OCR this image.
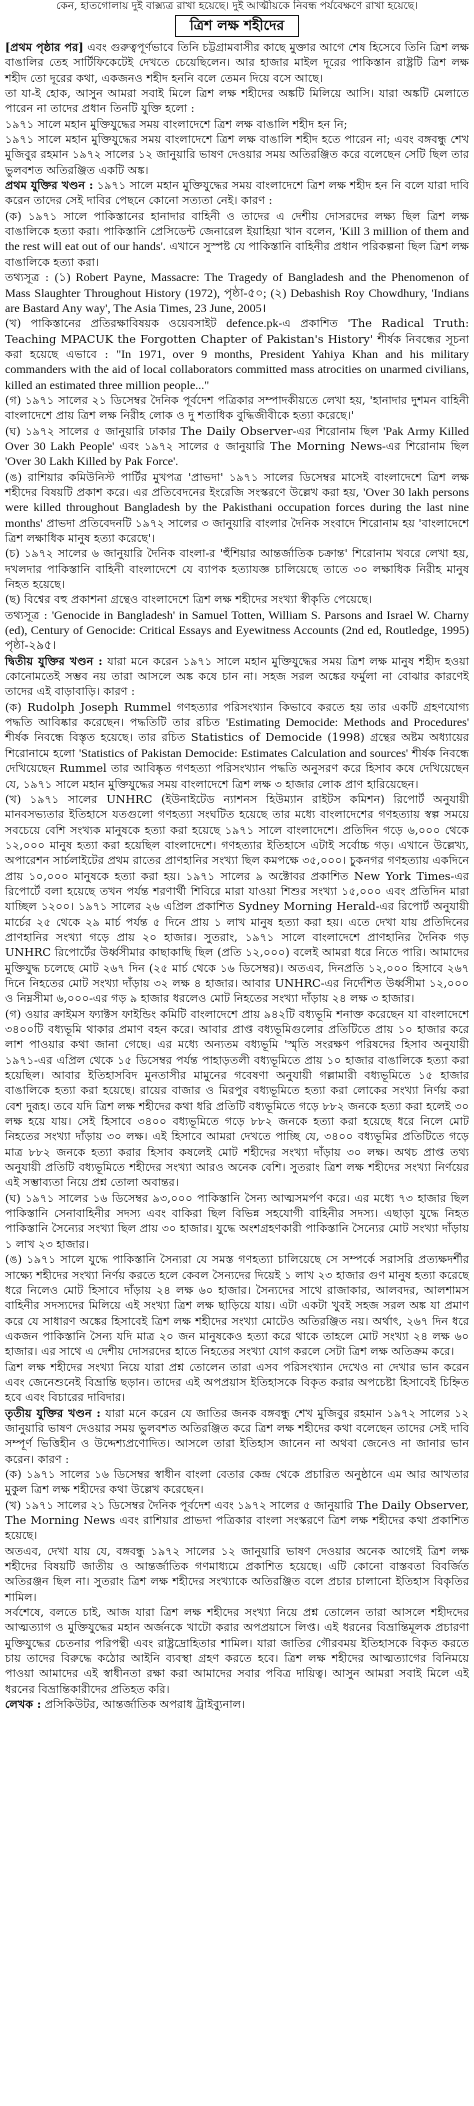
কেন, হাতগোলায় দুই বাক্স্যত্র রাখা হয়েছে। দুই আত্মীয়কে নিবন্ধ পর্যবেক্ষণে রাখা হয়েছে।
ত্রিশ লক্ষ শহীদের

[প্রথম পৃষ্ঠার পর] এবং গুরুত্বপূর্ণভাবে তিনি চট্টগ্রামবাসীর কাছে মুক্তার আগে শেষ হিসেবে তিনি ত্রিশ লক্ষ বাঙালির তেহ সার্টিফিকেটেই দেখতে চেয়েছিলেন। আর হাজার মাইল দূরের পাকিস্তান রাষ্ট্রটি ত্রিশ লক্ষ শহীদ তো দূরের কথা, একজনও শহীদ হননি বলে তেমন দিয়ে বসে আছে।

তা যা-ই হোক, আসুন আমরা সবাই মিলে ত্রিশ লক্ষ শহীদের অঙ্কটি মিলিয়ে আসি। যারা অঙ্কটি মেলাতে পারেন না তাদের প্রধান তিনটি যুক্তি হলো :

১৯৭১ সালে মহান মুক্তিযুদ্ধের সময় বাংলাদেশে ত্রিশ লক্ষ বাঙালি শহীদ হন নি;

১৯৭১ সালে মহান মুক্তিযুদ্ধের সময় বাংলাদেশে ত্রিশ লক্ষ বাঙালি শহীদ হতে পারেন না; এবং বঙ্গবন্ধু শেখ মুজিবুর রহমান ১৯৭২ সালের ১২ জানুয়ারি ভাষণ দেওয়ার সময় অতিরঞ্জিত করে বলেছেন সেটি ছিল তার ভুলবশত অতিরঞ্জিত একটি অঙ্ক।

প্রথম যুক্তির খণ্ডন : ১৯৭১ সালে মহান মুক্তিযুদ্ধের সময় বাংলাদেশে ত্রিশ লক্ষ শহীদ হন নি বলে যারা দাবি করেন তাদের সেই দাবির পেছনে কোনো সত্যতা নেই। কারণ :

(ক) ১৯৭১ সালে পাকিস্তানের হানাদার বাহিনী ও তাদের এ দেশীয় দোসরদের লক্ষ্য ছিল ত্রিশ লক্ষ বাঙালিকে হত্যা করা। পাকিস্তানি প্রেসিডেন্ট জেনারেল ইয়াহিয়া খান বলেন, 'Kill 3 million of them and the rest will eat out of our hands'. এখানে সুস্পষ্ট যে পাকিস্তানি বাহিনীর প্রধান পরিকল্পনা ছিল ত্রিশ লক্ষ বাঙালিকে হত্যা করা।

তথ্যসূত্র : (১) Robert Payne, Massacre: The Tragedy of Bangladesh and the Phenomenon of Mass Slaughter Throughout History (1972), পৃষ্ঠা-৫০; (২) Debashish Roy Chowdhury, 'Indians are Bastard Any way', The Asia Times, 23 June, 2005।

(খ) পাকিস্তানের প্রতিরক্ষাবিষয়ক ওয়েবসাইট defence.pk-এ প্রকাশিত 'The Radical Truth: Teaching MPACUK the Forgotten Chapter of Pakistan's History' শীর্ষক নিবন্ধের সূচনা করা হয়েছে এভাবে : "In 1971, over 9 months, President Yahiya Khan and his military commanders with the aid of local collaborators committed mass atrocities on unarmed civilians, killed an estimated three million people..."

(গ) ১৯৭১ সালের ২১ ডিসেম্বর দৈনিক পূর্বদেশ পত্রিকার সম্পাদকীয়তে লেখা হয়, 'হানাদার দুশমন বাহিনী বাংলাদেশে প্রায় ত্রিশ লক্ষ নিরীহ লোক ও দু শতাধিক বুদ্ধিজীবীকে হত্যা করেছে।'

(ঘ) ১৯৭২ সালের ৫ জানুয়ারি ঢাকার The Daily Observer-এর শিরোনাম ছিল 'Pak Army Killed Over 30 Lakh People' এবং ১৯৭২ সালের ৫ জানুয়ারি The Morning News-এর শিরোনাম ছিল 'Over 30 Lakh Killed by Pak Force'.

(ঙ) রাশিয়ার কমিউনিস্ট পার্টির মুখপত্র 'প্রাভদা' ১৯৭১ সালের ডিসেম্বর মাসেই বাংলাদেশে ত্রিশ লক্ষ শহীদের বিষয়টি প্রকাশ করে। এর প্রতিবেদনের ইংরেজি সংস্করণে উল্লেখ করা হয়, 'Over 30 lakh persons were killed throughout Bangladesh by the Pakisthani occupation forces during the last nine months' প্রাভদা প্রতিবেদনটি ১৯৭২ সালের ৩ জানুয়ারি বাংলার দৈনিক সংবাদে শিরোনাম হয় 'বাংলাদেশে ত্রিশ লক্ষাধিক মানুষ হত্যা করেছে'।

(চ) ১৯৭২ সালের ৬ জানুয়ারি দৈনিক বাংলা-র 'হুঁশিয়ার আন্তর্জাতিক চক্রান্ত' শিরোনাম খবরে লেখা হয়, দখলদার পাকিস্তানি বাহিনী বাংলাদেশে যে ব্যাপক হত্যাযজ্ঞ চালিয়েছে তাতে ৩০ লক্ষাধিক নিরীহ মানুষ নিহত হয়েছে।

(ছ) বিশ্বের বহু প্রকাশনা গ্রন্থেও বাংলাদেশে ত্রিশ লক্ষ শহীদের সংখ্যা স্বীকৃতি পেয়েছে।

তথ্যসূত্র : 'Genocide in Bangladesh' in Samuel Totten, William S. Parsons and Israel W. Charny (ed), Century of Genocide: Critical Essays and Eyewitness Accounts (2nd ed, Routledge, 1995) পৃষ্ঠা-২৯৫।

দ্বিতীয় যুক্তির খণ্ডন : যারা মনে করেন ১৯৭১ সালে মহান মুক্তিযুদ্ধের সময় ত্রিশ লক্ষ মানুষ শহীদ হওয়া কোনোমতেই সম্ভব নয় তারা আসলে অঙ্ক কষে চান না। সহজ সরল অঙ্কের ফর্মুলা না বোঝার কারণেই তাদের এই বাড়াবাড়ি। কারণ :

(ক) Rudolph Joseph Rummel গণহত্যার পরিসংখ্যান কিভাবে করতে হয় তার একটি গ্রহণযোগ্য পদ্ধতি আবিষ্কার করেছেন। পদ্ধতিটি তার রচিত 'Estimating Democide: Methods and Procedures' শীর্ষক নিবন্ধে বিস্তৃত হয়েছে। তার রচিত Statistics of Democide (1998) গ্রন্থের অষ্টম অধ্যায়ের শিরোনামে হলো 'Statistics of Pakistan Democide: Estimates Calculation and sources' শীর্ষক নিবন্ধে দেখিয়েছেন Rummel তার আবিষ্কৃত গণহত্যা পরিসংখ্যান পদ্ধতি অনুসরণ করে হিসাব কষে দেখিয়েছেন যে, ১৯৭১ সালে মহান মুক্তিযুদ্ধের সময় বাংলাদেশে ত্রিশ লক্ষ ৩ হাজার লোক প্রাণ হারিয়েছেন।

(খ) ১৯৭১ সালের UNHRC (ইউনাইটেড ন্যাশনস হিউম্যান রাইটস কমিশন) রিপোর্ট অনুযায়ী মানবসভ্যতার ইতিহাসে যতগুলো গণহত্যা সংঘটিত হয়েছে তার মধ্যে বাংলাদেশের গণহত্যায় স্বল্প সময়ে সবচেয়ে বেশি সংখ্যক মানুষকে হত্যা করা হয়েছে ১৯৭১ সালে বাংলাদেশে। প্রতিদিন গড়ে ৬,০০০ থেকে ১২,০০০ মানুষ হত্যা করা হয়েছিল বাংলাদেশে। গণহত্যার ইতিহাসে এটাই সর্বোচ্চ গড়। এখানে উল্লেখ্য, অপারেশন সার্চলাইটের প্রথম রাতের প্রাণহানির সংখ্যা ছিল কমপক্ষে ৩৫,০০০। চুকনগর গণহত্যায় একদিনে প্রায় ১০,০০০ মানুষকে হত্যা করা হয়। ১৯৭১ সালের ৯ অক্টোবর প্রকাশিত New York Times-এর রিপোর্টে বলা হয়েছে তখন পর্যন্ত শরণার্থী শিবিরে মারা যাওয়া শিশুর সংখ্যা ১৫,০০০ এবং প্রতিদিন মারা যাচ্ছিল ১২০০। ১৯৭১ সালের ২৬ এপ্রিল প্রকাশিত Sydney Morning Herald-এর রিপোর্ট অনুযায়ী মার্চের ২৫ থেকে ২৯ মার্চ পর্যন্ত ৫ দিনে প্রায় ১ লাখ মানুষ হত্যা করা হয়। এতে দেখা যায় প্রতিদিনের প্রাণহানির সংখ্যা গড়ে প্রায় ২০ হাজার। সুতরাং, ১৯৭১ সালে বাংলাদেশে প্রাণহানির দৈনিক গড় UNHRC রিপোর্টের উর্ধ্বসীমার কাছাকাছি ছিল (প্রতি ১২,০০০) বলেই আমরা ধরে নিতে পারি। আমাদের মুক্তিযুদ্ধ চলেছে মোট ২৬৭ দিন (২৫ মার্চ থেকে ১৬ ডিসেম্বর)। অতএব, দিনপ্রতি ১২,০০০ হিসাবে ২৬৭ দিনে নিহতের মোট সংখ্যা দাঁড়ায় ৩২ লক্ষ ৪ হাজার। আবার UNHRC-এর নির্দেশিত উর্ধ্বসীমা ১২,০০০ ও নিম্নসীমা ৬,০০০-এর গড় ৯ হাজার ধরলেও মোট নিহতের সংখ্যা দাঁড়ায় ২৪ লক্ষ ৩ হাজার।

(গ) ওয়ার ক্রাইমস ফ্যাক্টস ফাইন্ডিং কমিটি বাংলাদেশে প্রায় ৯৪২টি বধ্যভূমি শনাক্ত করেছেন যা বাংলাদেশে ৩৪০০টি বধ্যভূমি থাকার প্রমাণ বহন করে। আবার প্রাপ্ত বধ্যভূমিগুলোর প্রতিটিতে প্রায় ১০ হাজার করে লাশ পাওয়ার কথা জানা গেছে। এর মধ্যে অন্যতম বধ্যভূমি 'স্মৃতি সংরক্ষণ পরিষদের হিসাব অনুযায়ী ১৯৭১-এর এপ্রিল থেকে ১৫ ডিসেম্বর পর্যন্ত পাহাড়তলী বধ্যভূমিতে প্রায় ১০ হাজার বাঙালিকে হত্যা করা হয়েছিল। আবার ইতিহাসবিদ মুনতাসীর মামুনের গবেষণা অনুযায়ী গল্লামারী বধ্যভূমিতে ১৫ হাজার বাঙালিকে হত্যা করা হয়েছে। রায়ের বাজার ও মিরপুর বধ্যভূমিতে হত্যা করা লোকের সংখ্যা নির্ণয় করা বেশ দুরূহ। তবে যদি ত্রিশ লক্ষ শহীদের কথা ধরি প্রতিটি বধ্যভূমিতে গড়ে ৮৮২ জনকে হত্যা করা হলেই ৩০ লক্ষ হয়ে যায়। সেই হিসাবে ৩৪০০ বধ্যভূমিতে গড়ে ৮৮২ জনকে হত্যা করা হয়েছে ধরে নিলে মোট নিহতের সংখ্যা দাঁড়ায় ৩০ লক্ষ। এই হিসাবে আমরা দেখতে পাচ্ছি যে, ৩৪০০ বধ্যভূমির প্রতিটিতে গড়ে মাত্র ৮৮২ জনকে হত্যা করার হিসাব কষলেই মোট শহীদের সংখ্যা দাঁড়ায় ৩০ লক্ষ। অথচ প্রাপ্ত তথ্য অনুযায়ী প্রতিটি বধ্যভূমিতে শহীদের সংখ্যা আরও অনেক বেশি। সুতরাং ত্রিশ লক্ষ শহীদের সংখ্যা নির্ণয়ের এই সম্ভাব্যতা নিয়ে প্রশ্ন তোলা অবান্তর।

(ঘ) ১৯৭১ সালের ১৬ ডিসেম্বর ৯৩,০০০ পাকিস্তানি সৈন্য আত্মসমর্পণ করে। এর মধ্যে ৭৩ হাজার ছিল পাকিস্তানি সেনাবাহিনীর সদস্য এবং বাকিরা ছিল বিভিন্ন সহযোগী বাহিনীর সদস্য। এছাড়া যুদ্ধে নিহত পাকিস্তানি সৈন্যের সংখ্যা ছিল প্রায় ৩০ হাজার। যুদ্ধে অংশগ্রহণকারী পাকিস্তানি সৈন্যের মোট সংখ্যা দাঁড়ায় ১ লাখ ২৩ হাজার।

(ঙ) ১৯৭১ সালে যুদ্ধে পাকিস্তানি সৈন্যরা যে সমস্ত গণহত্যা চালিয়েছে সে সম্পর্কে সরাসরি প্রত্যক্ষদর্শীর সাক্ষ্যে শহীদের সংখ্যা নির্ণয় করতে হলে কেবল সৈন্যদের দিয়েই ১ লাখ ২৩ হাজার গুণ মানুষ হত্যা করেছে ধরে নিলেও মোট হিসাবে দাঁড়ায় ২৪ লক্ষ ৬০ হাজার। সৈন্যদের সাথে রাজাকার, আলবদর, আলশামস বাহিনীর সদস্যদের মিলিয়ে এই সংখ্যা ত্রিশ লক্ষ ছাড়িয়ে যায়। এটা একটা খুবই সহজ সরল অঙ্ক যা প্রমাণ করে যে সাধারণ অঙ্কের হিসাবেই ত্রিশ লক্ষ শহীদের সংখ্যা মোটেও অতিরঞ্জিত নয়। অর্থাৎ, ২৬৭ দিন ধরে একজন পাকিস্তানি সৈন্য যদি মাত্র ২০ জন মানুষকেও হত্যা করে থাকে তাহলে মোট সংখ্যা ২৪ লক্ষ ৬০ হাজার। এর সাথে এ দেশীয় দোসরদের হাতে নিহতের সংখ্যা যোগ করলে সেটা ত্রিশ লক্ষ অতিক্রম করে।

ত্রিশ লক্ষ শহীদের সংখ্যা নিয়ে যারা প্রশ্ন তোলেন তারা এসব পরিসংখ্যান দেখেও না দেখার ভান করেন এবং জেনেশুনেই বিভ্রান্তি ছড়ান। তাদের এই অপপ্রয়াস ইতিহাসকে বিকৃত করার অপচেষ্টা হিসাবেই চিহ্নিত হবে এবং বিচারের দাবিদার।

তৃতীয় যুক্তির খণ্ডন : যারা মনে করেন যে জাতির জনক বঙ্গবন্ধু শেখ মুজিবুর রহমান ১৯৭২ সালের ১২ জানুয়ারি ভাষণ দেওয়ার সময় ভুলবশত অতিরঞ্জিত করে ত্রিশ লক্ষ শহীদের কথা বলেছেন তাদের সেই দাবি সম্পূর্ণ ভিত্তিহীন ও উদ্দেশ্যপ্রণোদিত। আসলে তারা ইতিহাস জানেন না অথবা জেনেও না জানার ভান করেন। কারণ :

(ক) ১৯৭১ সালের ১৬ ডিসেম্বর স্বাধীন বাংলা বেতার কেন্দ্র থেকে প্রচারিত অনুষ্ঠানে এম আর আখতার মুকুল ত্রিশ লক্ষ শহীদের কথা উল্লেখ করেছেন।

(খ) ১৯৭১ সালের ২১ ডিসেম্বর দৈনিক পূর্বদেশ এবং ১৯৭২ সালের ৫ জানুয়ারি The Daily Observer, The Morning News এবং রাশিয়ার প্রাভদা পত্রিকার বাংলা সংস্করণে ত্রিশ লক্ষ শহীদের কথা প্রকাশিত হয়েছে।

অতএব, দেখা যায় যে, বঙ্গবন্ধু ১৯৭২ সালের ১২ জানুয়ারি ভাষণ দেওয়ার অনেক আগেই ত্রিশ লক্ষ শহীদের বিষয়টি জাতীয় ও আন্তর্জাতিক গণমাধ্যমে প্রকাশিত হয়েছে। এটি কোনো বাস্তবতা বিবর্জিত অতিরঞ্জন ছিল না। সুতরাং ত্রিশ লক্ষ শহীদের সংখ্যাকে অতিরঞ্জিত বলে প্রচার চালানো ইতিহাস বিকৃতির শামিল।

সর্বশেষে, বলতে চাই, আজ যারা ত্রিশ লক্ষ শহীদের সংখ্যা নিয়ে প্রশ্ন তোলেন তারা আসলে শহীদদের আত্মত্যাগ ও মুক্তিযুদ্ধের মহান অর্জনকে খাটো করার অপপ্রয়াসে লিপ্ত। এই ধরনের বিভ্রান্তিমূলক প্রচারণা মুক্তিযুদ্ধের চেতনার পরিপন্থী এবং রাষ্ট্রদ্রোহিতার শামিল। যারা জাতির গৌরবময় ইতিহাসকে বিকৃত করতে চায় তাদের বিরুদ্ধে কঠোর আইনি ব্যবস্থা গ্রহণ করতে হবে। ত্রিশ লক্ষ শহীদের আত্মত্যাগের বিনিময়ে পাওয়া আমাদের এই স্বাধীনতা রক্ষা করা আমাদের সবার পবিত্র দায়িত্ব। আসুন আমরা সবাই মিলে এই ধরনের বিভ্রান্তিকারীদের প্রতিহত করি।

লেখক : প্রসিকিউটর, আন্তর্জাতিক অপরাধ ট্রাইব্যুনাল।
